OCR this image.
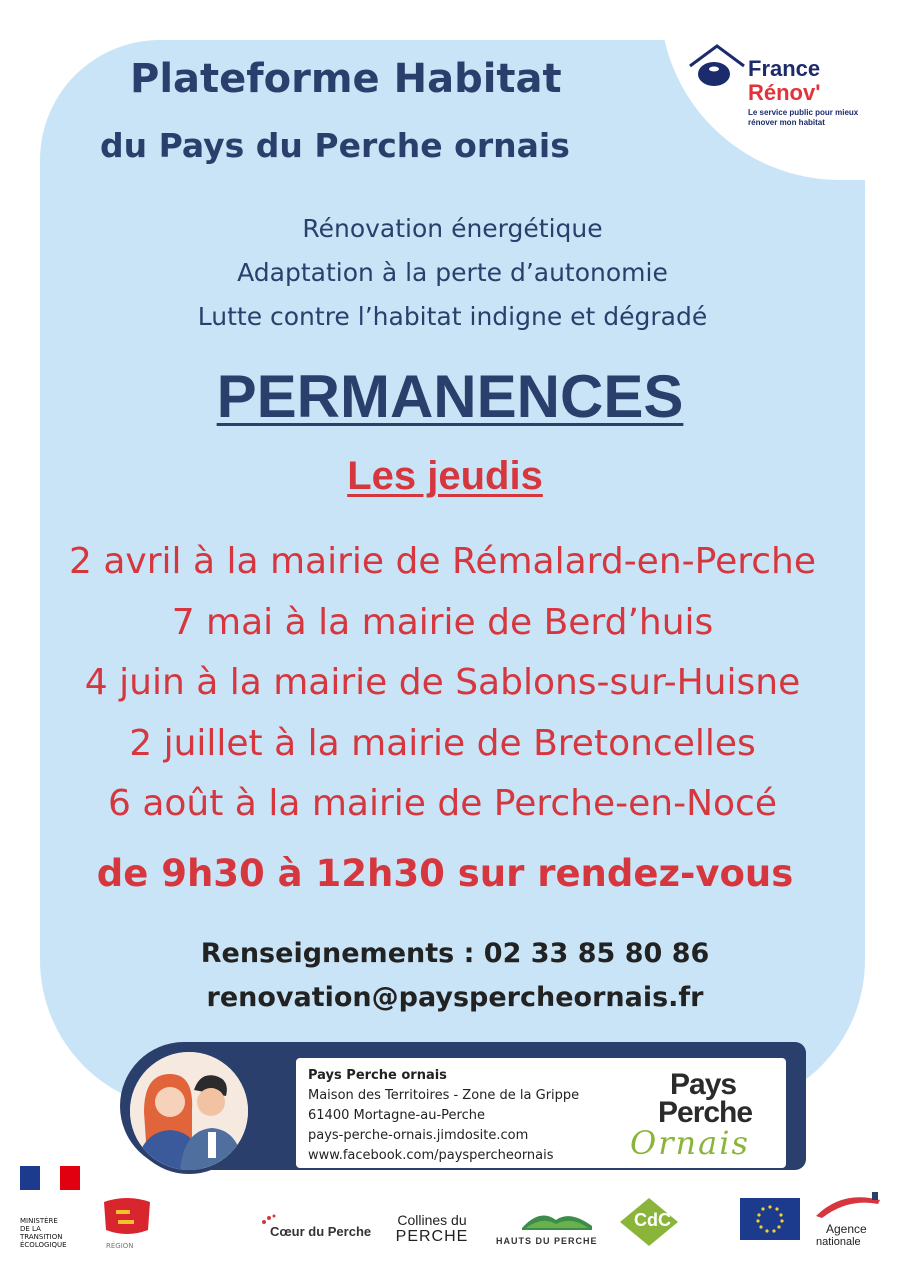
France
Rénov'
Le service public pour mieux rénover mon habitat
Plateforme Habitat
du Pays du Perche ornais
Rénovation énergétique
Adaptation à la perte d’autonomie
Lutte contre l’habitat indigne et dégradé
PERMANENCES
Les jeudis
2 avril à la mairie de Rémalard-en-Perche
7 mai à la mairie de Berd’huis
4 juin à la mairie de Sablons-sur-Huisne
2 juillet à la mairie de Bretoncelles
6 août à la mairie de Perche-en-Nocé
de 9h30 à 12h30 sur rendez-vous
Renseignements : 02 33 85 80 86
renovation@payspercheornais.fr
Pays Perche ornais
Maison des Territoires - Zone de la Grippe
61400 Mortagne-au-Perche
pays-perche-ornais.jimdosite.com
www.facebook.com/payspercheornais
Pays
Perche
Ornais

MINISTÈRE
DE LA TRANSITION
ÉCOLOGIQUE	RÉGION
Cœur du Perche
Collines du
PERCHE	HAUTS DU PERCHE
CdC	Agence
nationale
